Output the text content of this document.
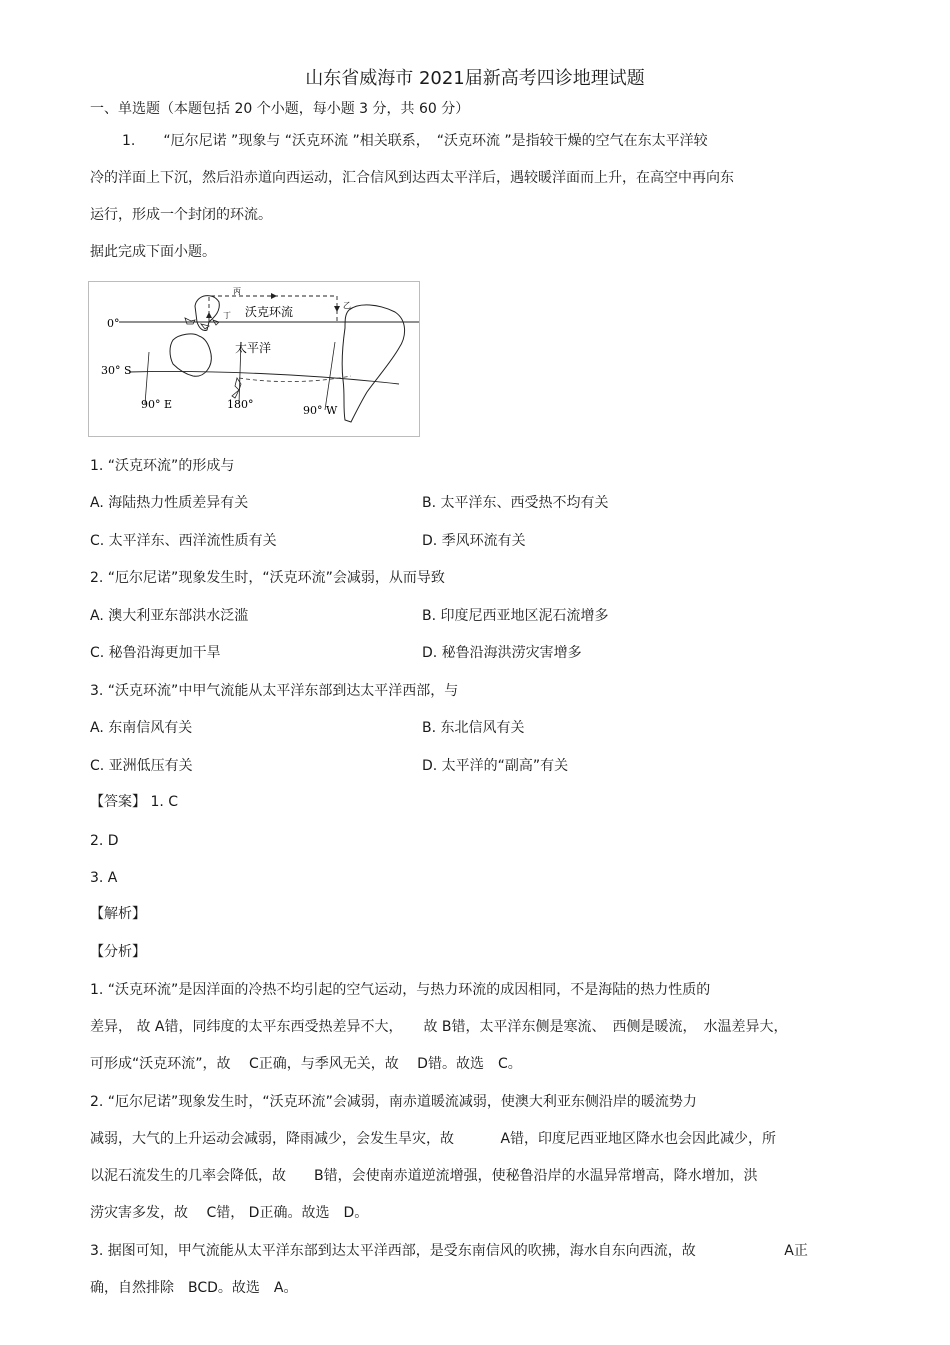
山东省威海市 2021届新高考四诊地理试题
一、单选题（本题包括 20 个小题，每小题 3 分，共 60 分）
1.　　“厄尔尼诺 ”现象与 “沃克环流 ”相关联系，　“沃克环流 ”是指较干燥的空气在东太平洋较
冷的洋面上下沉，然后沿赤道向西运动，汇合信风到达西太平洋后，遇较暖洋面而上升，在高空中再向东
运行，形成一个封闭的环流。
据此完成下面小题。
沃克环流
太平洋
0°
30° S
90° E	180°	90° W
丙
乙
丁
1. “沃克环流”的形成与
A. 海陆热力性质差异有关	B. 太平洋东、西受热不均有关
C. 太平洋东、西洋流性质有关	D. 季风环流有关
2. “厄尔尼诺”现象发生时，“沃克环流”会减弱，从而导致
A. 澳大利亚东部洪水泛滥	B. 印度尼西亚地区泥石流增多
C. 秘鲁沿海更加干旱	D. 秘鲁沿海洪涝灾害增多
3. “沃克环流”中甲气流能从太平洋东部到达太平洋西部，与
A. 东南信风有关	B. 东北信风有关
C. 亚洲低压有关	D. 太平洋的“副高”有关
【答案】 1. C
2. D
3. A
【解析】
【分析】
1. “沃克环流”是因洋面的冷热不均引起的空气运动，与热力环流的成因相同，不是海陆的热力性质的
差异， 故 A错，同纬度的太平东西受热差异不大，　　故 B错，太平洋东侧是寒流、　西侧是暖流，　水温差异大，
可形成“沃克环流”，故　 C正确，与季风无关，故　 D错。故选　C。
2. “厄尔尼诺”现象发生时，“沃克环流”会减弱，南赤道暖流减弱，使澳大利亚东侧沿岸的暖流势力
减弱，大气的上升运动会减弱，降雨减少，会发生旱灾，故　　　 A错，印度尼西亚地区降水也会因此减少，所
以泥石流发生的几率会降低，故　　B错，会使南赤道逆流增强，使秘鲁沿岸的水温异常增高，降水增加，洪
涝灾害多发，故　 C错， D正确。故选　D。
3. 据图可知，甲气流能从太平洋东部到达太平洋西部，是受东南信风的吹拂，海水自东向西流，故　　　　　　 A正
确，自然排除　BCD。故选　A。
